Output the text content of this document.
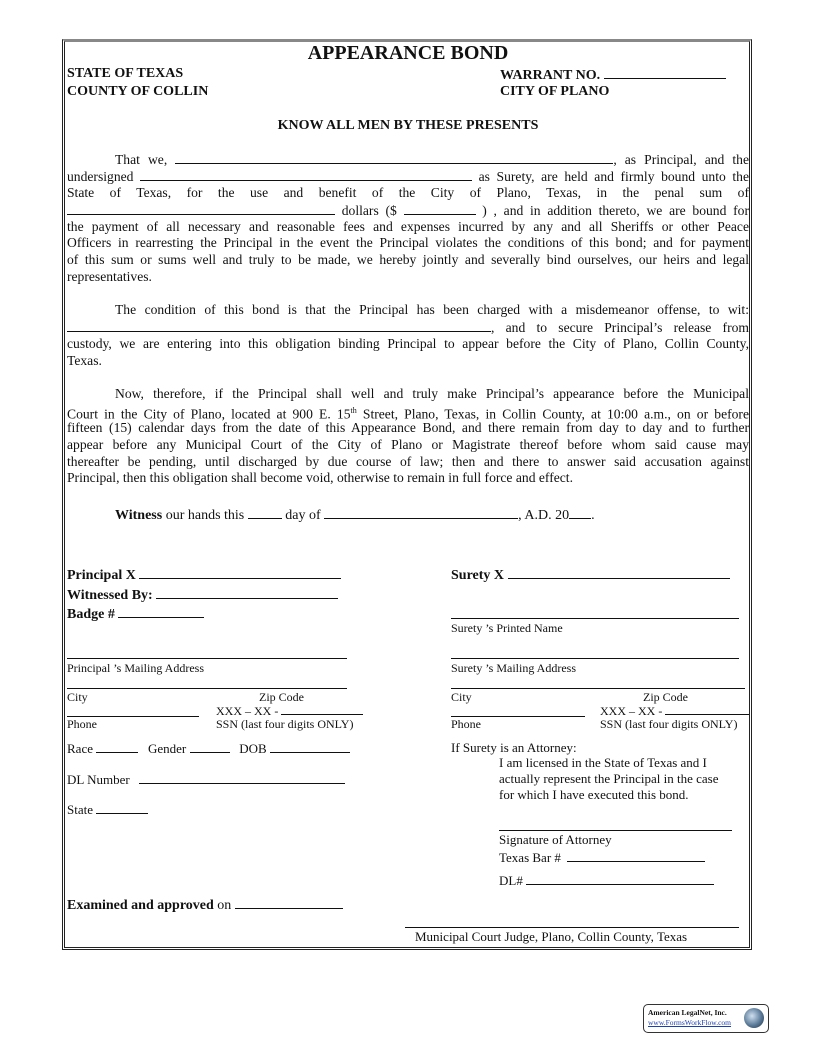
APPEARANCE BOND
STATE OF TEXAS
COUNTY OF COLLIN
WARRANT NO.
CITY OF PLANO
KNOW ALL MEN BY THESE PRESENTS
That we,	, as Principal, and the
undersigned	as Surety, are held and firmly bound unto the
State of Texas, for the use and benefit of the City of Plano, Texas, in the penal sum of
dollars ($	) , and in addition thereto, we are bound for
the payment of all necessary and reasonable fees and expenses incurred by any and all Sheriffs or other Peace
Officers in rearresting the Principal in the event the Principal violates the conditions of this bond; and for payment
of this sum or sums well and truly to be made, we hereby jointly and severally bind ourselves, our heirs and legal
representatives.
The condition of this bond is that the Principal has been charged with a misdemeanor offense, to wit:
, and to secure Principal’s release from
custody, we are entering into this obligation binding Principal to appear before the City of Plano, Collin County,
Texas.
Now, therefore, if the Principal shall well and truly make Principal’s appearance before the Municipal
Court in the City of Plano, located at 900 E. 15th Street, Plano, Texas, in Collin County, at 10:00 a.m., on or before
fifteen (15) calendar days from the date of this Appearance Bond, and there remain from day to day and to further
appear before any Municipal Court of the City of Plano or Magistrate thereof before whom said cause may
thereafter be pending, until discharged by due course of law; then and there to answer said accusation against
Principal, then this obligation shall become void, otherwise to remain in full force and effect.
Witness our hands this  day of	, A.D. 20 .
Principal X
Witnessed By:
Badge #
Principal ’s Mailing Address
City	Zip Code
XXX – XX -
Phone	SSN (last four digits ONLY)
Race	Gender	DOB
DL Number
State
Surety X
Surety ’s Printed Name
Surety ’s Mailing Address
City	Zip Code
XXX – XX -
Phone	SSN (last four digits ONLY)
If Surety is an Attorney:
I am licensed in the State of Texas and I
actually represent the Principal in the case
for which I have executed this bond.
Signature of Attorney
Texas Bar #
DL#
Examined and approved on
Municipal Court Judge, Plano, Collin County, Texas
American LegalNet, Inc.
www.FormsWorkFlow.com
